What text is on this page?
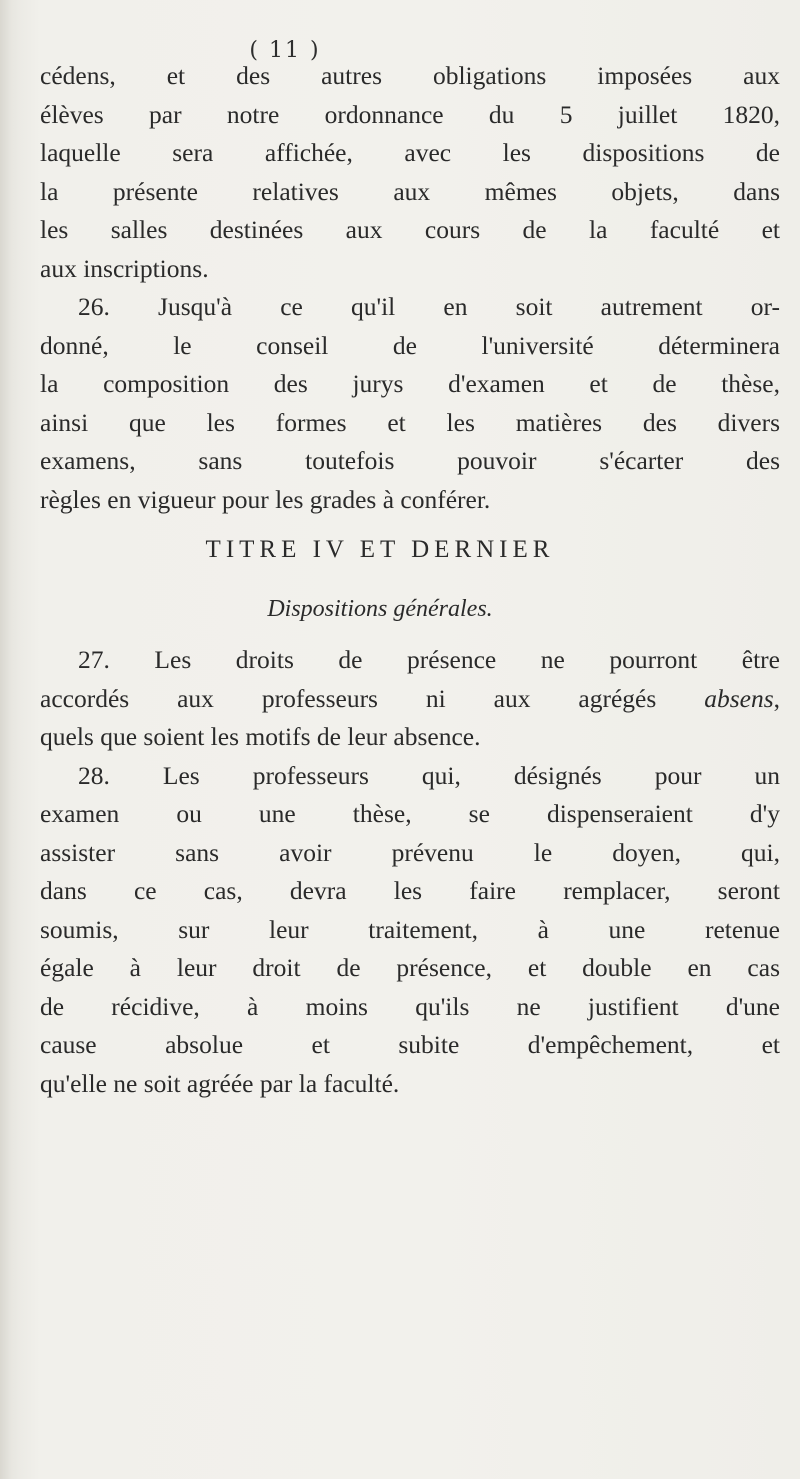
( 11 )
cédens, et des autres obligations imposées aux
élèves par notre ordonnance du 5 juillet 1820,
laquelle sera affichée, avec les dispositions de
la présente relatives aux mêmes objets, dans
les salles destinées aux cours de la faculté et
aux inscriptions.
26. Jusqu'à ce qu'il en soit autrement or-
donné, le conseil de l'université déterminera
la composition des jurys d'examen et de thèse,
ainsi que les formes et les matières des divers
examens, sans toutefois pouvoir s'écarter des
règles en vigueur pour les grades à conférer.
TITRE IV ET DERNIER
Dispositions générales.
27. Les droits de présence ne pourront être
accordés aux professeurs ni aux agrégés absens,
quels que soient les motifs de leur absence.
28. Les professeurs qui, désignés pour un
examen ou une thèse, se dispenseraient d'y
assister sans avoir prévenu le doyen, qui,
dans ce cas, devra les faire remplacer, seront
soumis, sur leur traitement, à une retenue
égale à leur droit de présence, et double en cas
de récidive, à moins qu'ils ne justifient d'une
cause absolue et subite d'empêchement, et
qu'elle ne soit agréée par la faculté.
